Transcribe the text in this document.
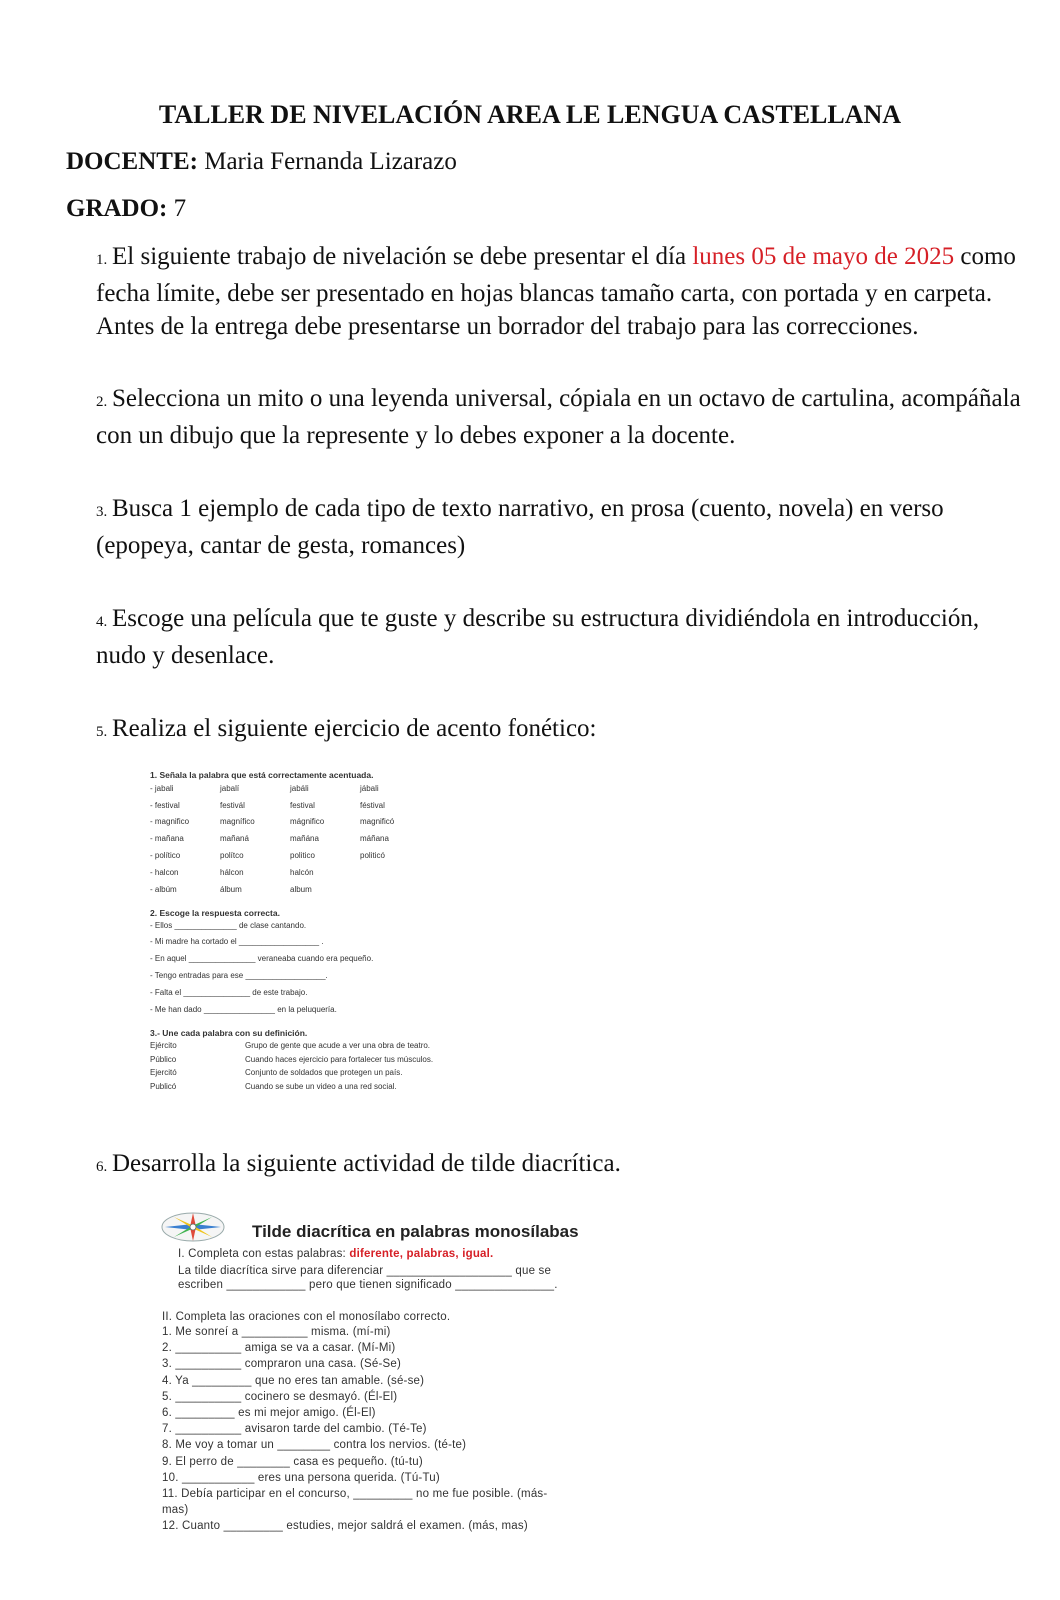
TALLER DE NIVELACIÓN AREA LE LENGUA CASTELLANA
DOCENTE: Maria Fernanda Lizarazo
GRADO: 7
1. El siguiente trabajo de nivelación se debe presentar el día lunes 05 de mayo de 2025 como fecha límite, debe ser presentado en hojas blancas tamaño carta, con portada y en carpeta. Antes de la entrega debe presentarse un borrador del trabajo para las correcciones.
2. Selecciona un mito o una leyenda universal, cópiala en un octavo de cartulina, acompáñala con un dibujo que la represente y lo debes exponer a la docente.
3. Busca 1 ejemplo de cada tipo de texto narrativo, en prosa (cuento, novela) en verso (epopeya, cantar de gesta, romances)
4. Escoge una película que te guste y describe su estructura dividiéndola en introducción, nudo y desenlace.
5. Realiza el siguiente ejercicio de acento fonético:
1. Señala la palabra que está correctamente acentuada.
- jabali	jabalí	jabáli	jábali
- festival	festivál	festival	féstival
- magnifico	magnífico	mágnifico	magnificó
- mañana	mañaná	mañána	máñana
- político	polítco	politico	politicó
- halcon	hálcon	halcón
- albúm	álbum	album
2. Escoge la respuesta correcta.
- Ellos ______________ de clase cantando.
- Mi madre ha cortado el __________________ .
- En aquel _______________ veraneaba cuando era pequeño.
- Tengo entradas para ese __________________.
- Falta el _______________ de este trabajo.
- Me han dado ________________ en la peluquería.
3.- Une cada palabra con su definición.
Ejército	Grupo de gente que acude a ver una obra de teatro.
Público	Cuando haces ejercicio para fortalecer tus músculos.
Ejercitó	Conjunto de soldados que protegen un país.
Publicó	Cuando se sube un video a una red social.
6. Desarrolla la siguiente actividad de tilde diacrítica.
Tilde diacrítica en palabras monosílabas
I. Completa con estas palabras: diferente, palabras, igual.
La tilde diacrítica sirve para diferenciar ___________________ que se
escriben ____________ pero que tienen significado _______________.
II. Completa las oraciones con el monosílabo correcto.
1. Me sonreí a __________ misma. (mí-mi)
2. __________ amiga se va a casar. (Mí-Mi)
3. __________ compraron una casa. (Sé-Se)
4. Ya _________ que no eres tan amable. (sé-se)
5. __________ cocinero se desmayó. (Él-El)
6. _________ es mi mejor amigo. (Él-El)
7. __________ avisaron tarde del cambio. (Té-Te)
8. Me voy a tomar un ________ contra los nervios. (té-te)
9. El perro de ________ casa es pequeño. (tú-tu)
10. ___________ eres una persona querida. (Tú-Tu)
11. Debía participar en el concurso, _________ no me fue posible. (más-
mas)
12. Cuanto _________ estudies, mejor saldrá el examen. (más, mas)
